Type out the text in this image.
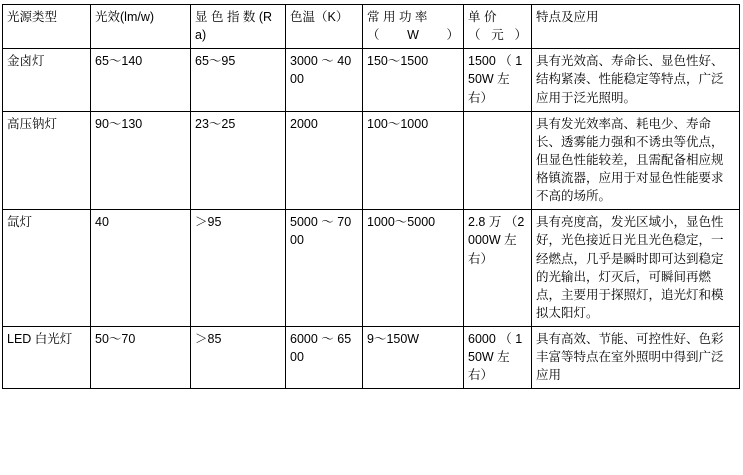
光源类型	光效(lm/w)	显 色 指 数 (Ra)	色温（K）	常 用 功 率 （W）	单 价 （元）	特点及应用
金卤灯	65～140	65～95	3000 ～ 4000	150～1500	1500 （ 150W 左右）	具有光效高、寿命长、显色性好、结构紧凑、性能稳定等特点，广泛应用于泛光照明。
高压钠灯	90～130	23～25	2000	100～1000		具有发光效率高、耗电少、寿命长、透雾能力强和不诱虫等优点，但显色性能较差，且需配备相应规格镇流器，应用于对显色性能要求不高的场所。
氙灯	40	＞95	5000 ～ 7000	1000～5000	2.8 万 （2000W 左右）	具有亮度高，发光区域小，显色性好，光色接近日光且光色稳定，一经燃点，几乎是瞬时即可达到稳定的光输出，灯灭后，可瞬间再燃点，主要用于探照灯，追光灯和模拟太阳灯。
LED 白光灯	50～70	＞85	6000 ～ 6500	9～150W	6000 （ 150W 左右）	具有高效、节能、可控性好、色彩丰富等特点在室外照明中得到广泛应用
